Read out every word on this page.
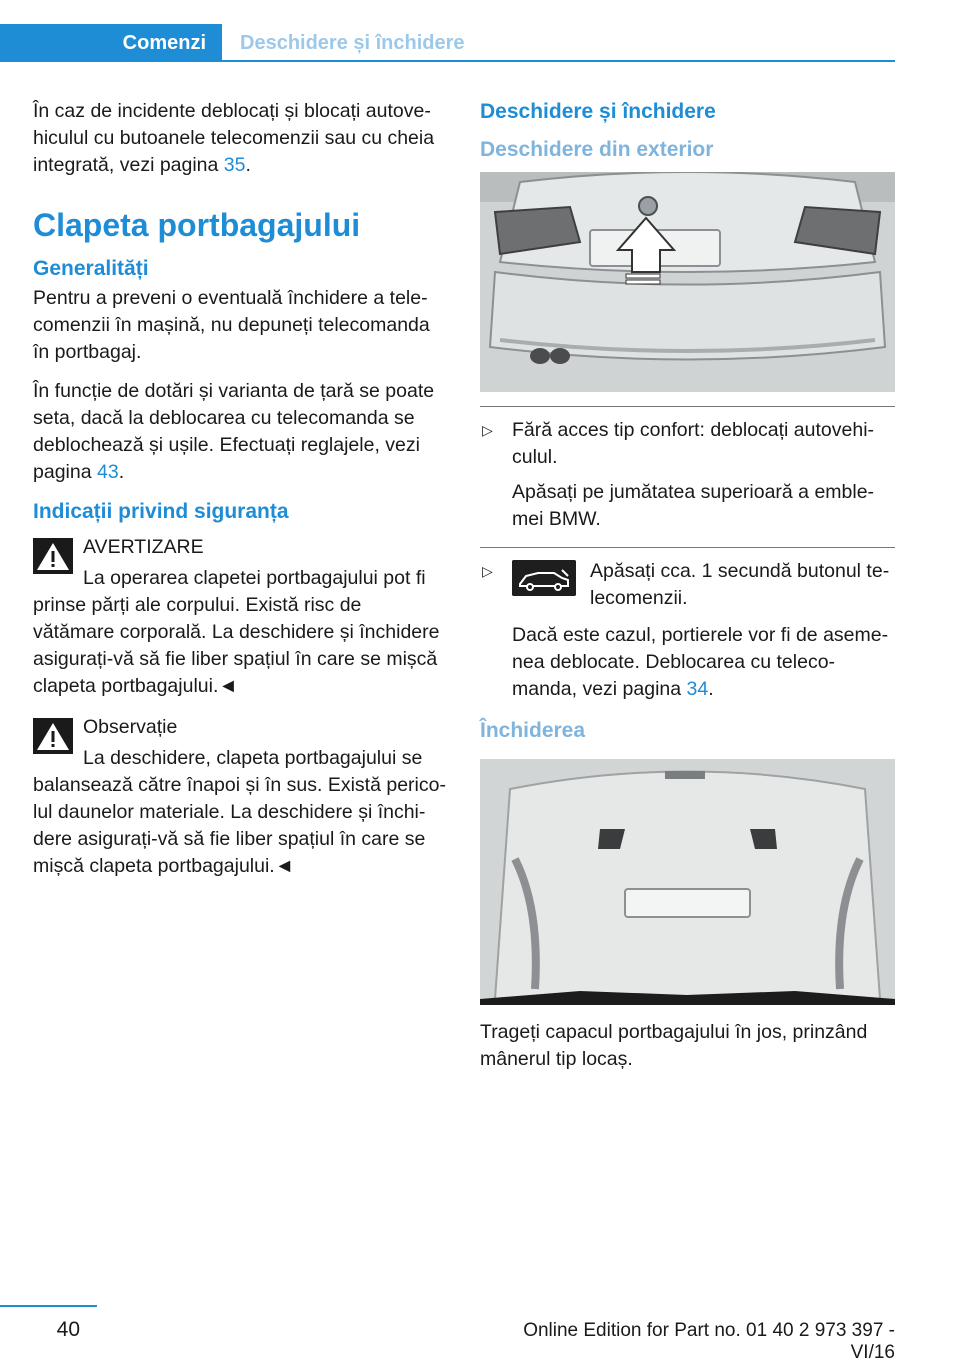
Comenzi	Deschidere și închidere

În caz de incidente deblocați și blocați autove-hiculul cu butoanele telecomenzii sau cu cheia integrată, vezi pagina 35.

Clapeta portbagajului
Generalități

Pentru a preveni o eventuală închidere a tele-comenzii în mașină, nu depuneți telecomanda în portbagaj.

În funcție de dotări și varianta de țară se poate seta, dacă la deblocarea cu telecomanda se deblochează și ușile. Efectuați reglajele, vezi pagina 43.

Indicații privind siguranța
AVERTIZARE
La operarea clapetei portbagajului pot fi prinse părți ale corpului. Există risc de vătămare corporală. La deschidere și închidere asigurați-vă să fie liber spațiul în care se mișcă clapeta portbagajului.◄
Observație
La deschidere, clapeta portbagajului se balansează către înapoi și în sus. Există perico-lul daunelor materiale. La deschidere și închi-dere asigurați-vă să fie liber spațiul în care se mișcă clapeta portbagajului.◄
Deschidere și închidere
Deschidere din exterior
▷ Fără acces tip confort: deblocați autovehi-culul.

Apăsați pe jumătatea superioară a emble-mei BMW.

▷	Apăsați cca. 1 secundă butonul te-lecomenzii.

Dacă este cazul, portierele vor fi de aseme-nea deblocate. Deblocarea cu teleco-manda, vezi pagina 34.

Închiderea

Trageți capacul portbagajului în jos, prinzând mânerul tip locaș.

40	Online Edition for Part no. 01 40 2 973 397 - VI/16
